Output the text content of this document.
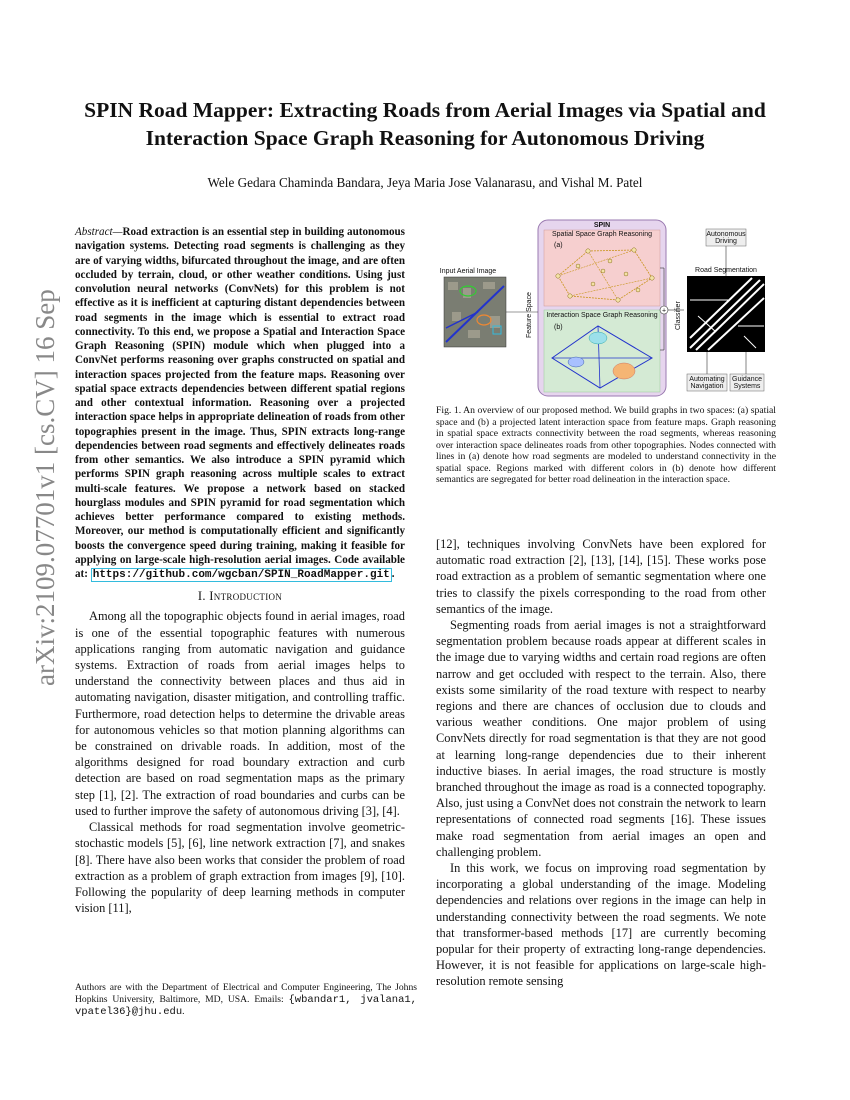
arXiv:2109.07701v1 [cs.CV] 16 Sep 2021
SPIN Road Mapper: Extracting Roads from Aerial Images via Spatial and Interaction Space Graph Reasoning for Autonomous Driving

Wele Gedara Chaminda Bandara, Jeya Maria Jose Valanarasu, and Vishal M. Patel

Abstract—Road extraction is an essential step in building autonomous navigation systems. Detecting road segments is challenging as they are of varying widths, bifurcated throughout the image, and are often occluded by terrain, cloud, or other weather conditions. Using just convolution neural networks (ConvNets) for this problem is not effective as it is inefficient at capturing distant dependencies between road segments in the image which is essential to extract road connectivity. To this end, we propose a Spatial and Interaction Space Graph Reasoning (SPIN) module which when plugged into a ConvNet performs reasoning over graphs constructed on spatial and interaction spaces projected from the feature maps. Reasoning over spatial space extracts dependencies between different spatial regions and other contextual information. Reasoning over a projected interaction space helps in appropriate delineation of roads from other topographies present in the image. Thus, SPIN extracts long-range dependencies between road segments and effectively delineates roads from other semantics. We also introduce a SPIN pyramid which performs SPIN graph reasoning across multiple scales to extract multi-scale features. We propose a network based on stacked hourglass modules and SPIN pyramid for road segmentation which achieves better performance compared to existing methods. Moreover, our method is computationally efficient and significantly boosts the convergence speed during training, making it feasible for applying on large-scale high-resolution aerial images. Code available at: https://github.com/wgcban/SPIN_RoadMapper.git .

I. Introduction

Among all the topographic objects found in aerial images, road is one of the essential topographic features with numerous applications ranging from automatic navigation and guidance systems. Extraction of roads from aerial images helps to understand the connectivity between places and thus aid in automating navigation, disaster mitigation, and controlling traffic. Furthermore, road detection helps to determine the drivable areas for autonomous vehicles so that motion planning algorithms can be constrained on drivable roads. In addition, most of the algorithms designed for road boundary extraction and curb detection are based on road segmentation maps as the primary step [1], [2]. The extraction of road boundaries and curbs can be used to further improve the safety of autonomous driving [3], [4].

Classical methods for road segmentation involve geometric-stochastic models [5], [6], line network extraction [7], and snakes [8]. There have also been works that consider the problem of road extraction as a problem of graph extraction from images [9], [10]. Following the popularity of deep learning methods in computer vision [11],

Authors are with the Department of Electrical and Computer Engineering, The Johns Hopkins University, Baltimore, MD, USA. Emails: {wbandar1, jvalana1, vpatel36}@jhu.edu.
SPIN
Spatial Space Graph Reasoning
(a)
Interaction Space Graph Reasoning
(b)
Input Aerial Image
Feature Space	+ Classifier
Road Segmentation
Autonomous
Driving
Automating
Navigation
Guidance
Systems

Fig. 1. An overview of our proposed method. We build graphs in two spaces: (a) spatial space and (b) a projected latent interaction space from feature maps. Graph reasoning in spatial space extracts connectivity between the road segments, whereas reasoning over interaction space delineates roads from other topographies. Nodes connected with lines in (a) denote how road segments are modeled to understand connectivity in the spatial space. Regions marked with different colors in (b) denote how different semantics are segregated for better road delineation in the interaction space.

[12], techniques involving ConvNets have been explored for automatic road extraction [2], [13], [14], [15]. These works pose road extraction as a problem of semantic segmentation where one tries to classify the pixels corresponding to the road from other semantics of the image.

Segmenting roads from aerial images is not a straightforward segmentation problem because roads appear at different scales in the image due to varying widths and certain road regions are often narrow and get occluded with respect to the terrain. Also, there exists some similarity of the road texture with respect to nearby regions and there are chances of occlusion due to clouds and various weather conditions. One major problem of using ConvNets directly for road segmentation is that they are not good at learning long-range dependencies due to their inherent inductive biases. In aerial images, the road structure is mostly branched throughout the image as road is a connected topography. Also, just using a ConvNet does not constrain the network to learn representations of connected road segments [16]. These issues make road segmentation from aerial images an open and challenging problem.

In this work, we focus on improving road segmentation by incorporating a global understanding of the image. Modeling dependencies and relations over regions in the image can help in understanding connectivity between the road segments. We note that transformer-based methods [17] are currently becoming popular for their property of extracting long-range dependencies. However, it is not feasible for applications on large-scale high-resolution remote sensing
